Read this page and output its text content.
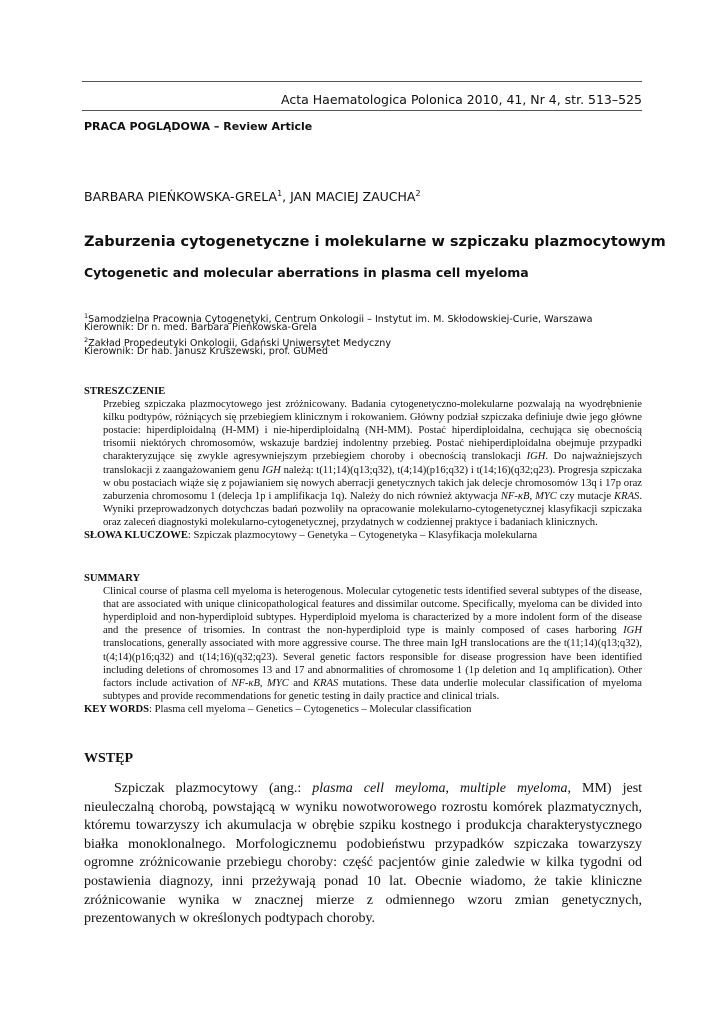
Acta Haematologica Polonica 2010, 41, Nr 4, str. 513–525
PRACA POGLĄDOWA – Review Article
BARBARA PIEŃKOWSKA-GRELA$^1$, JAN MACIEJ ZAUCHA$^2$
Zaburzenia cytogenetyczne i molekularne w szpiczaku plazmocytowym
Cytogenetic and molecular aberrations in plasma cell myeloma
$^1$Samodzielna Pracownia Cytogenetyki, Centrum Onkologii – Instytut im. M. Skłodowskiej-Curie, Warszawa
Kierownik: Dr n. med. Barbara Pieńkowska-Grela
$^2$Zakład Propedeutyki Onkologii, Gdański Uniwersytet Medyczny
Kierownik: Dr hab. Janusz Kruszewski, prof. GUMed
STRESZCZENIE
Przebieg szpiczaka plazmocytowego jest zróżnicowany. Badania cytogenetyczno-molekularne pozwalają na wyodrębnienie kilku podtypów, różniących się przebiegiem klinicznym i rokowaniem. Główny podział szpiczaka definiuje dwie jego główne postacie: hiperdiploidalną (H-MM) i nie-hiperdiploidalną (NH-MM). Postać hiperdiploidalna, cechująca się obecnością trisomii niektórych chromosomów, wskazuje bardziej indolentny przebieg. Postać niehiperdiploidalna obejmuje przypadki charakteryzujące się zwykle agresywniejszym przebiegiem choroby i obecnością translokacji IGH. Do najważniejszych translokacji z zaangażowaniem genu IGH należą: t(11;14)(q13;q32), t(4;14)(p16;q32) i t(14;16)(q32;q23). Progresja szpiczaka w obu postaciach wiąże się z pojawianiem się nowych aberracji genetycznych takich jak delecje chromosomów 13q i 17p oraz zaburzenia chromosomu 1 (delecja 1p i amplifikacja 1q). Należy do nich również aktywacja NF-κB, MYC czy mutacje KRAS. Wyniki przeprowadzonych dotychczas badań pozwoliły na opracowanie molekularno-cytogenetycznej klasyfikacji szpiczaka oraz zaleceń diagnostyki molekularno-cytogenetycznej, przydatnych w codziennej praktyce i badaniach klinicznych.
SŁOWA KLUCZOWE: Szpiczak plazmocytowy – Genetyka – Cytogenetyka – Klasyfikacja molekularna
SUMMARY
Clinical course of plasma cell myeloma is heterogenous. Molecular cytogenetic tests identified several subtypes of the disease, that are associated with unique clinicopathological features and dissimilar outcome. Specifically, myeloma can be divided into hyperdiploid and non-hyperdiploid subtypes. Hyperdiploid myeloma is characterized by a more indolent form of the disease and the presence of trisomies. In contrast the non-hyperdiploid type is mainly composed of cases harboring IGH translocations, generally associated with more aggressive course. The three main IgH translocations are the t(11;14)(q13;q32), t(4;14)(p16;q32) and t(14;16)(q32;q23). Several genetic factors responsible for disease progression have been identified including deletions of chromosomes 13 and 17 and abnormalities of chromosome 1 (1p deletion and 1q amplification). Other factors include activation of NF-κB, MYC and KRAS mutations. These data underlie molecular classification of myeloma subtypes and provide recommendations for genetic testing in daily practice and clinical trials.
KEY WORDS: Plasma cell myeloma – Genetics – Cytogenetics – Molecular classification
WSTĘP
Szpiczak plazmocytowy (ang.: plasma cell meyloma, multiple myeloma, MM) jest nieuleczalną chorobą, powstającą w wyniku nowotworowego rozrostu komórek plazmatycznych, któremu towarzyszy ich akumulacja w obrębie szpiku kostnego i produkcja charakterystycznego białka monoklonalnego. Morfologicznemu podobieństwu przypadków szpiczaka towarzyszy ogromne zróżnicowanie przebiegu choroby: część pacjentów ginie zaledwie w kilka tygodni od postawienia diagnozy, inni przeżywają ponad 10 lat. Obecnie wiadomo, że takie kliniczne zróżnicowanie wynika w znacznej mierze z odmiennego wzoru zmian genetycznych, prezentowanych w określonych podtypach choroby.
